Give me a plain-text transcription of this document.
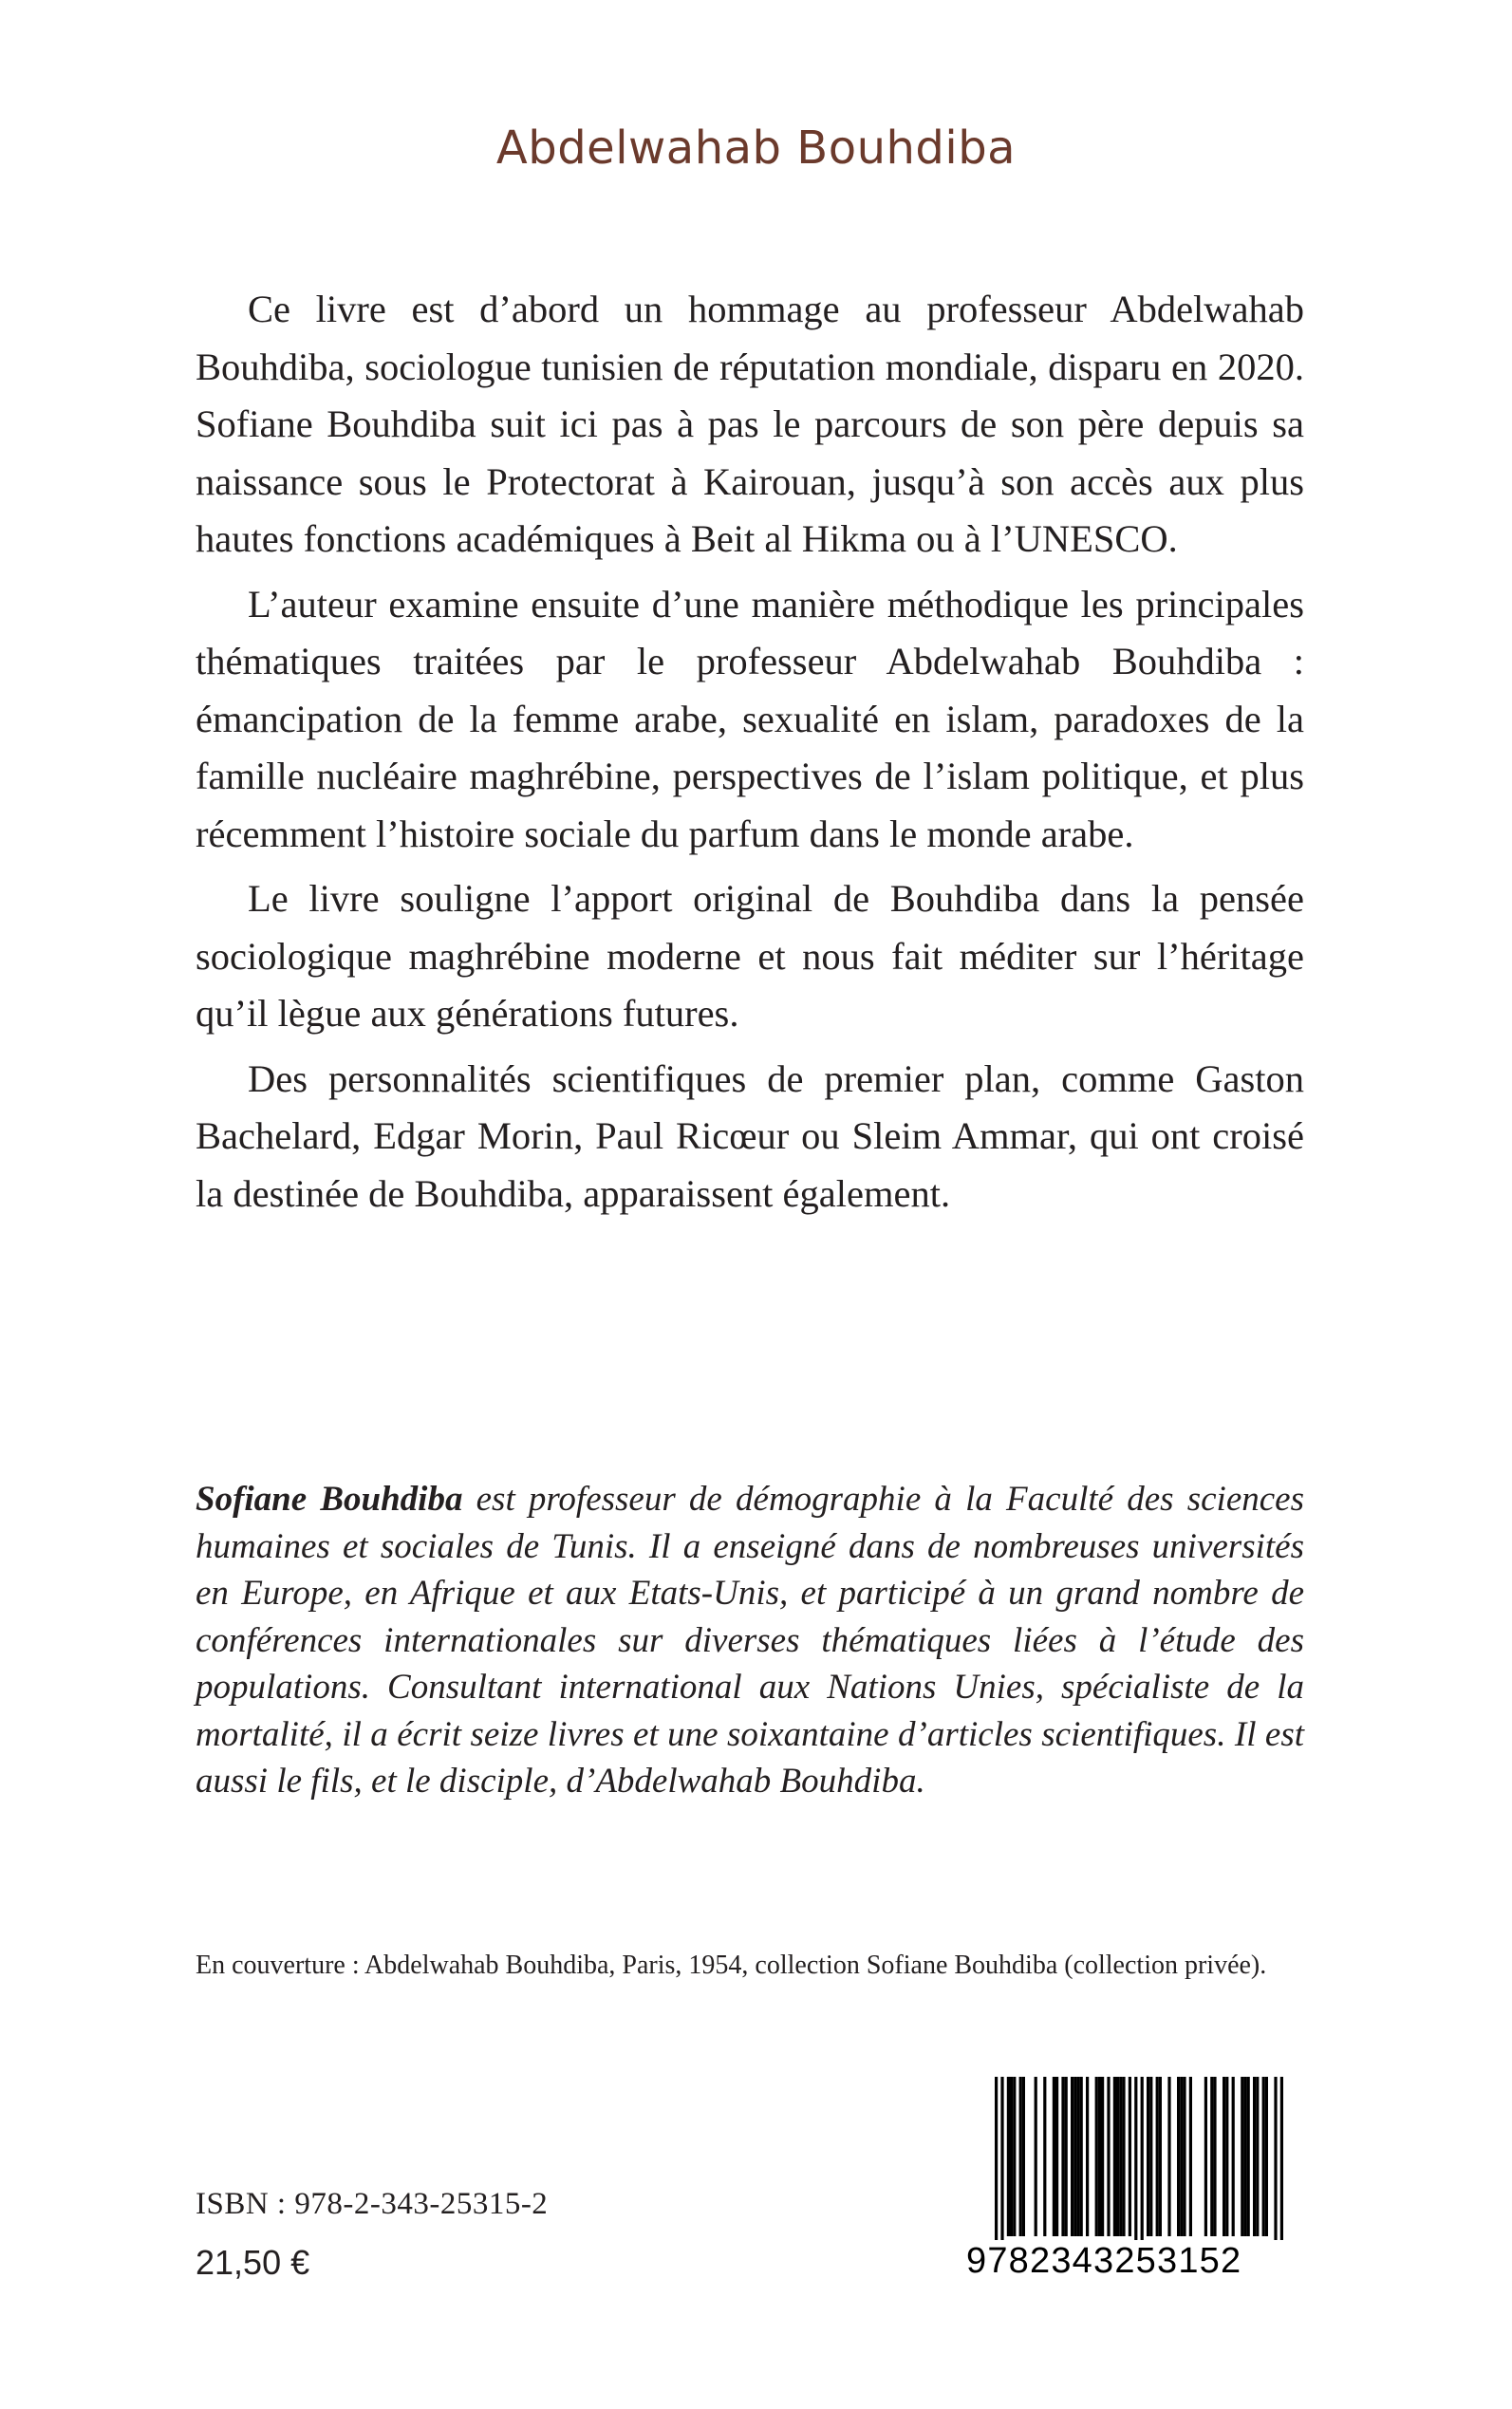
Abdelwahab Bouhdiba

Ce livre est d’abord un hommage au professeur Abdelwahab Bouhdiba, sociologue tunisien de réputation mondiale, disparu en 2020. Sofiane Bouhdiba suit ici pas à pas le parcours de son père depuis sa naissance sous le Protectorat à Kairouan, jusqu’à son accès aux plus hautes fonctions académiques à Beit al Hikma ou à l’UNESCO.

L’auteur examine ensuite d’une manière méthodique les principales thématiques traitées par le professeur Abdelwahab Bouhdiba : émancipation de la femme arabe, sexualité en islam, paradoxes de la famille nucléaire maghrébine, perspectives de l’islam politique, et plus récemment l’histoire sociale du parfum dans le monde arabe.

Le livre souligne l’apport original de Bouhdiba dans la pensée sociologique maghrébine moderne et nous fait méditer sur l’héritage qu’il lègue aux générations futures.

Des personnalités scientifiques de premier plan, comme Gaston Bachelard, Edgar Morin, Paul Ricœur ou Sleim Ammar, qui ont croisé la destinée de Bouhdiba, apparaissent également.

Sofiane Bouhdiba est professeur de démographie à la Faculté des sciences humaines et sociales de Tunis. Il a enseigné dans de nombreuses universités en Europe, en Afrique et aux Etats-Unis, et participé à un grand nombre de conférences internationales sur diverses thématiques liées à l’étude des populations. Consultant international aux Nations Unies, spécialiste de la mortalité, il a écrit seize livres et une soixantaine d’articles scientifiques. Il est aussi le fils, et le disciple, d’Abdelwahab Bouhdiba.

En couverture : Abdelwahab Bouhdiba, Paris, 1954, collection Sofiane Bouhdiba (collection privée).

ISBN : 978-2-343-25315-2

21,50 €	9782343253152
